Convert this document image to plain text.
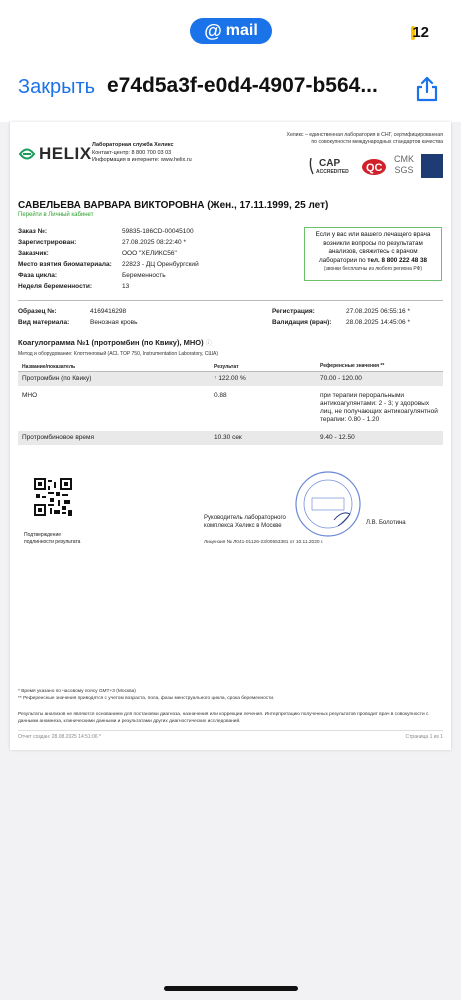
@ mail	12
Закрыть e74d5a3f-e0d4-4907-b564...
HELIX Лабораторная служба Хеликс
Контакт-центр: 8 800 700 03 03
Информация в интернете: www.helix.ru
Хеликс – единственная лаборатория в СНГ, сертифицированная по совокупности международных стандартов качества
CAP
ACCREDITED QC
CMK
SGS
САВЕЛЬЕВА ВАРВАРА ВИКТОРОВНА (Жен., 17.11.1999, 25 лет)
Перейти в Личный кабинет
Заказ №:	59835-186CD-00045100
Зарегистрирован:	27.08.2025 08:22:40 *
Заказчик:	ООО "ХЕЛИКС56"
Место взятия биоматериала:	22823 - ДЦ Оренбургский
Фаза цикла:	Беременность
Неделя беременности:	13
Если у вас или вашего лечащего врача
возникли вопросы по результатам
анализов, свяжитесь с врачом
лаборатории по тел. 8 800 222 48 38
(звонки бесплатны из любого региона РФ)
Образец №:	4169416298
Вид материала:	Венозная кровь
Регистрация:	27.08.2025 06:55:16 *
Валидация (врач):	28.08.2025 14:45:06 *
Коагулограмма №1 (протромбин (по Квику), МНО) ⓘ
Метод и оборудование: Клоттинговый (ACL TOP 750, Instrumentation Laboratory, США)
Название/показатель	Результат	Референсные значения **
Протромбин (по Квику)	↑ 122.00 %	70.00 - 120.00
МНО	0.88	при терапии пероральными антикоагулянтами: 2 - 3; у здоровых лиц, не получающих антикоагулянтной терапии: 0.80 - 1.20
Протромбиновое время	10.30 сек	9.40 - 12.50
Подтверждение подлинности результата
Руководитель лабораторного комплекса Хеликс в Москве	Л.В. Болотина
Лицензия № Л041-01126-23/00553381 от 10.11.2020 г.
* Время указано по часовому поясу GMT+3 (Москва)
** Референсные значения приводятся с учетом возраста, пола, фазы менструального цикла, срока беременности.
Результаты анализов не являются основанием для постановки диагноза, назначения или коррекции лечения. Интерпретацию полученных результатов проводит врач в совокупности с данными анамнеза, клиническими данными и результатами других диагностических исследований.
Отчет создан: 28.08.2025 14:51:06 *	Страница 1 из 1
